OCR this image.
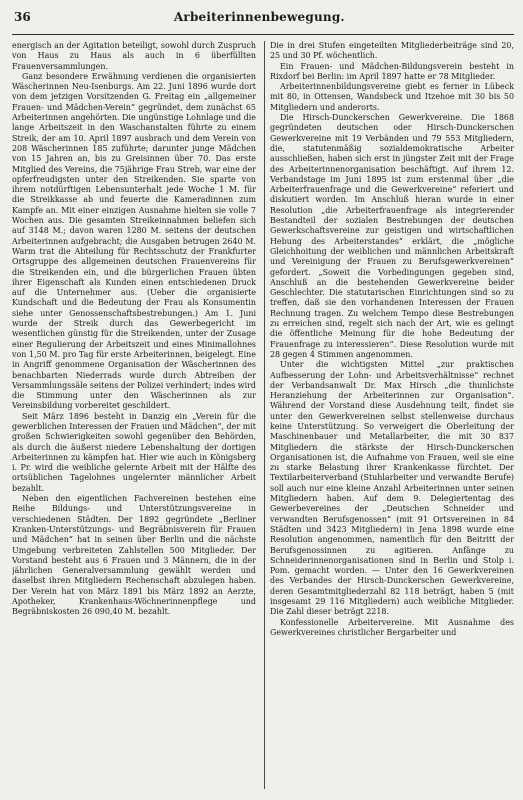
36	Arbeiterinnenbewegung.

energisch an der Agitation beteiligt, sowohl durch Zuspruch von Haus zu Haus als auch in 6 überfüllten Frauenversammlungen.

Ganz besondere Erwähnung verdienen die organisierten Wäscherinnen Neu-Isenburgs. Am 22. Juni 1896 wurde dort von dem jetzigen Vorsitzenden G. Freitag ein „allgemeiner Frauen- und Mädchen-Verein“ gegründet, dem zunächst 65 Arbeiterinnen angehörten. Die ungünstige Lohnlage und die lange Arbeitszeit in den Waschanstalten führte zu einem Streik, der am 10. April 1897 ausbrach und dem Verein von 208 Wäscherinnen 185 zuführte; darunter junge Mädchen von 15 Jahren an, bis zu Greisinnen über 70. Das erste Mitglied des Vereins, die 75jährige Frau Streb, war eine der opferfreudigsten unter den Streikenden. Sie sparte von ihrem notdürftigen Lebensunterhalt jede Woche 1 M. für die Streikkasse ab und feuerte die Kameradinnen zum Kampfe an. Mit einer einzigen Ausnahme hielten sie volle 7 Wochen aus. Die gesamten Streikeinnahmen beliefen sich auf 3148 M.; davon waren 1280 M. seitens der deutschen Arbeiterinnen aufgebracht; die Ausgaben betrugen 2640 M. Warm trat die Abteilung für Rechtsschutz der Frankfurter Ortsgruppe des allgemeinen deutschen Frauenvereins für die Streikenden ein, und die bürgerlichen Frauen übten ihrer Eigenschaft als Kunden einen entschiedenen Druck auf die Unternehmer aus. (Ueber die organisierte Kundschaft und die Bedeutung der Frau als Konsumentin siehe unter Genossenschaftsbestrebungen.) Am 1. Juni wurde der Streik durch das Gewerbegericht im wesentlichen günstig für die Streikenden, unter der Zusage einer Regulierung der Arbeitszeit und eines Minimallohnes von 1,50 M. pro Tag für erste Arbeiterinnen, beigelegt. Eine in Angriff genommene Organisation der Wäscherinnen des benachbarten Niederrads wurde durch Abtreiben der Versammlungssäle seitens der Polizei verhindert; indes wird die Stimmung unter den Wäscherinnen als zur Vereinsbildung vorbereitet geschildert.

Seit März 1896 besteht in Danzig ein „Verein für die gewerblichen Interessen der Frauen und Mädchen“, der mit großen Schwierigkeiten sowohl gegenüber den Behörden, als durch die äußerst niedere Lebenshaltung der dortigen Arbeiterinnen zu kämpfen hat. Hier wie auch in Königsberg i. Pr. wird die weibliche gelernte Arbeit mit der Hälfte des ortsüblichen Tagelohnes ungelernter männlicher Arbeit bezahlt.

Neben den eigentlichen Fachvereinen bestehen eine Reihe Bildungs- und Unterstützungsvereine in verschiedenen Städten. Der 1892 gegründete „Berliner Kranken-Unterstützungs- und Begräbnisverein für Frauen und Mädchen“ hat in seinen über Berlin und die nächste Umgebung verbreiteten Zahlstellen 500 Mitglieder. Der Vorstand besteht aus 6 Frauen und 3 Männern, die in der jährlichen Generalversammlung gewählt werden und daselbst ihren Mitgliedern Rechenschaft abzulegen haben. Der Verein hat von März 1891 bis März 1892 an Aerzte, Apotheker, Krankenhaus-Wöchnerinnenpflege und Begräbniskosten 26 090,40 M. bezahlt.

Die in drei Stufen eingeteilten Mitgliederbeiträge sind 20, 25 und 30 Pf. wöchentlich.

Ein Frauen- und Mädchen-Bildungsverein besteht in Rixdorf bei Berlin: im April 1897 hatte er 78 Mitglieder.

Arbeiterinnenbildungsvereine giebt es ferner in Lübeck mit 80, in Ottensen, Wandsbeck und Itzehoe mit 30 bis 50 Mitgliedern und anderorts.

Die Hirsch-Dunckerschen Gewerkvereine. Die 1868 gegründeten deutschen oder Hirsch-Dunckerschen Gewerkvereine mit 19 Verbänden und 79 553 Mitgliedern, die, statutenmäßig sozialdemokratische Arbeiter ausschließen, haben sich erst in jüngster Zeit mit der Frage des Arbeiterinnenorganisation beschäftigt. Auf ihrem 12. Verbandstage im Juni 1895 ist zum erstenmal über „die Arbeiterfrauenfrage und die Gewerkvereine“ referiert und diskutiert worden. Im Anschluß hieran wurde in einer Resolution „die Arbeiterfrauenfrage als integrierender Bestandteil der sozialen Bestrebungen der deutschen Gewerkschaftsvereine zur geistigen und wirtschaftlichen Hebung des Arbeiterstandes“ erklärt, die „mögliche Gleichhoitung der weiblichen und männlichen Arbeitskraft und Vereinigung der Frauen zu Berufsgewerkvereinen“ gefordert. „Soweit die Vorbedingungen gegeben sind, Anschluß an die bestehenden Gewerkvereine beider Geschlechter. Die statutarischen Einrichtungen sind so zu treffen, daß sie den vorhandenen Interessen der Frauen Rechnung tragen. Zu welchem Tempo diese Bestrebungen zu erreichen sind, regelt sich nach der Art, wie es gelingt die öffentliche Meinung für die hohe Bedeutung der Frauenfrage zu interessieren“. Diese Resolution wurde mit 28 gegen 4 Stimmen angenommen.

Unter die wichtigsten Mittel „zur praktischen Aufbesserung der Lohn- und Arbeitsverhältnisse“ rechnet der Verbandsanwalt Dr. Max Hirsch „die thunlichste Heranziehung der Arbeiterinnen zur Organisation“. Während der Vorstand diese Ausdehnung teilt, findet sie unter den Gewerkvereinen selbst stellenweise durchaus keine Unterstützung. So verweigert die Oberleitung der Maschinenbauer und Metallarbeiter, die mit 30 837 Mitgliedern die stärkste der Hirsch-Dunckerschen Organisationen ist, die Aufnahme von Frauen, weil sie eine zu starke Belastung ihrer Krankenkasse fürchtet. Der Textilarbeiterverband (Stuhlarbeiter und verwandte Berufe) soll auch nur eine kleine Anzahl Arbeiterinnen unter seinen Mitgliedern haben. Auf dem 9. Delegiertentag des Gewerbevereines der „Deutschen Schneider und verwandten Berufsgenossen“ (mit 91 Ortsvereinen in 84 Städten und 3423 Mitgliedern) in Jena 1898 wurde eine Resolution angenommen, namentlich für den Beitritt der Berufsgenossinnen zu agitieren. Anfänge zu Schneiderinnenorganisationen sind in Berlin und Stolp i. Pom. gemacht worden. — Unter den 16 Gewerkvereinen des Verbandes der Hirsch-Dunckerschen Gewerkvereine, deren Gesamtmitgliederzahl 82 118 beträgt, haben 5 (mit insgesamt 29 116 Mitgliedern) auch weibliche Mitglieder. Die Zahl dieser beträgt 2218.

Konfessionelle Arbeitervereine. Mit Ausnahme des Gewerkvereines christlicher Bergarbeiter und
